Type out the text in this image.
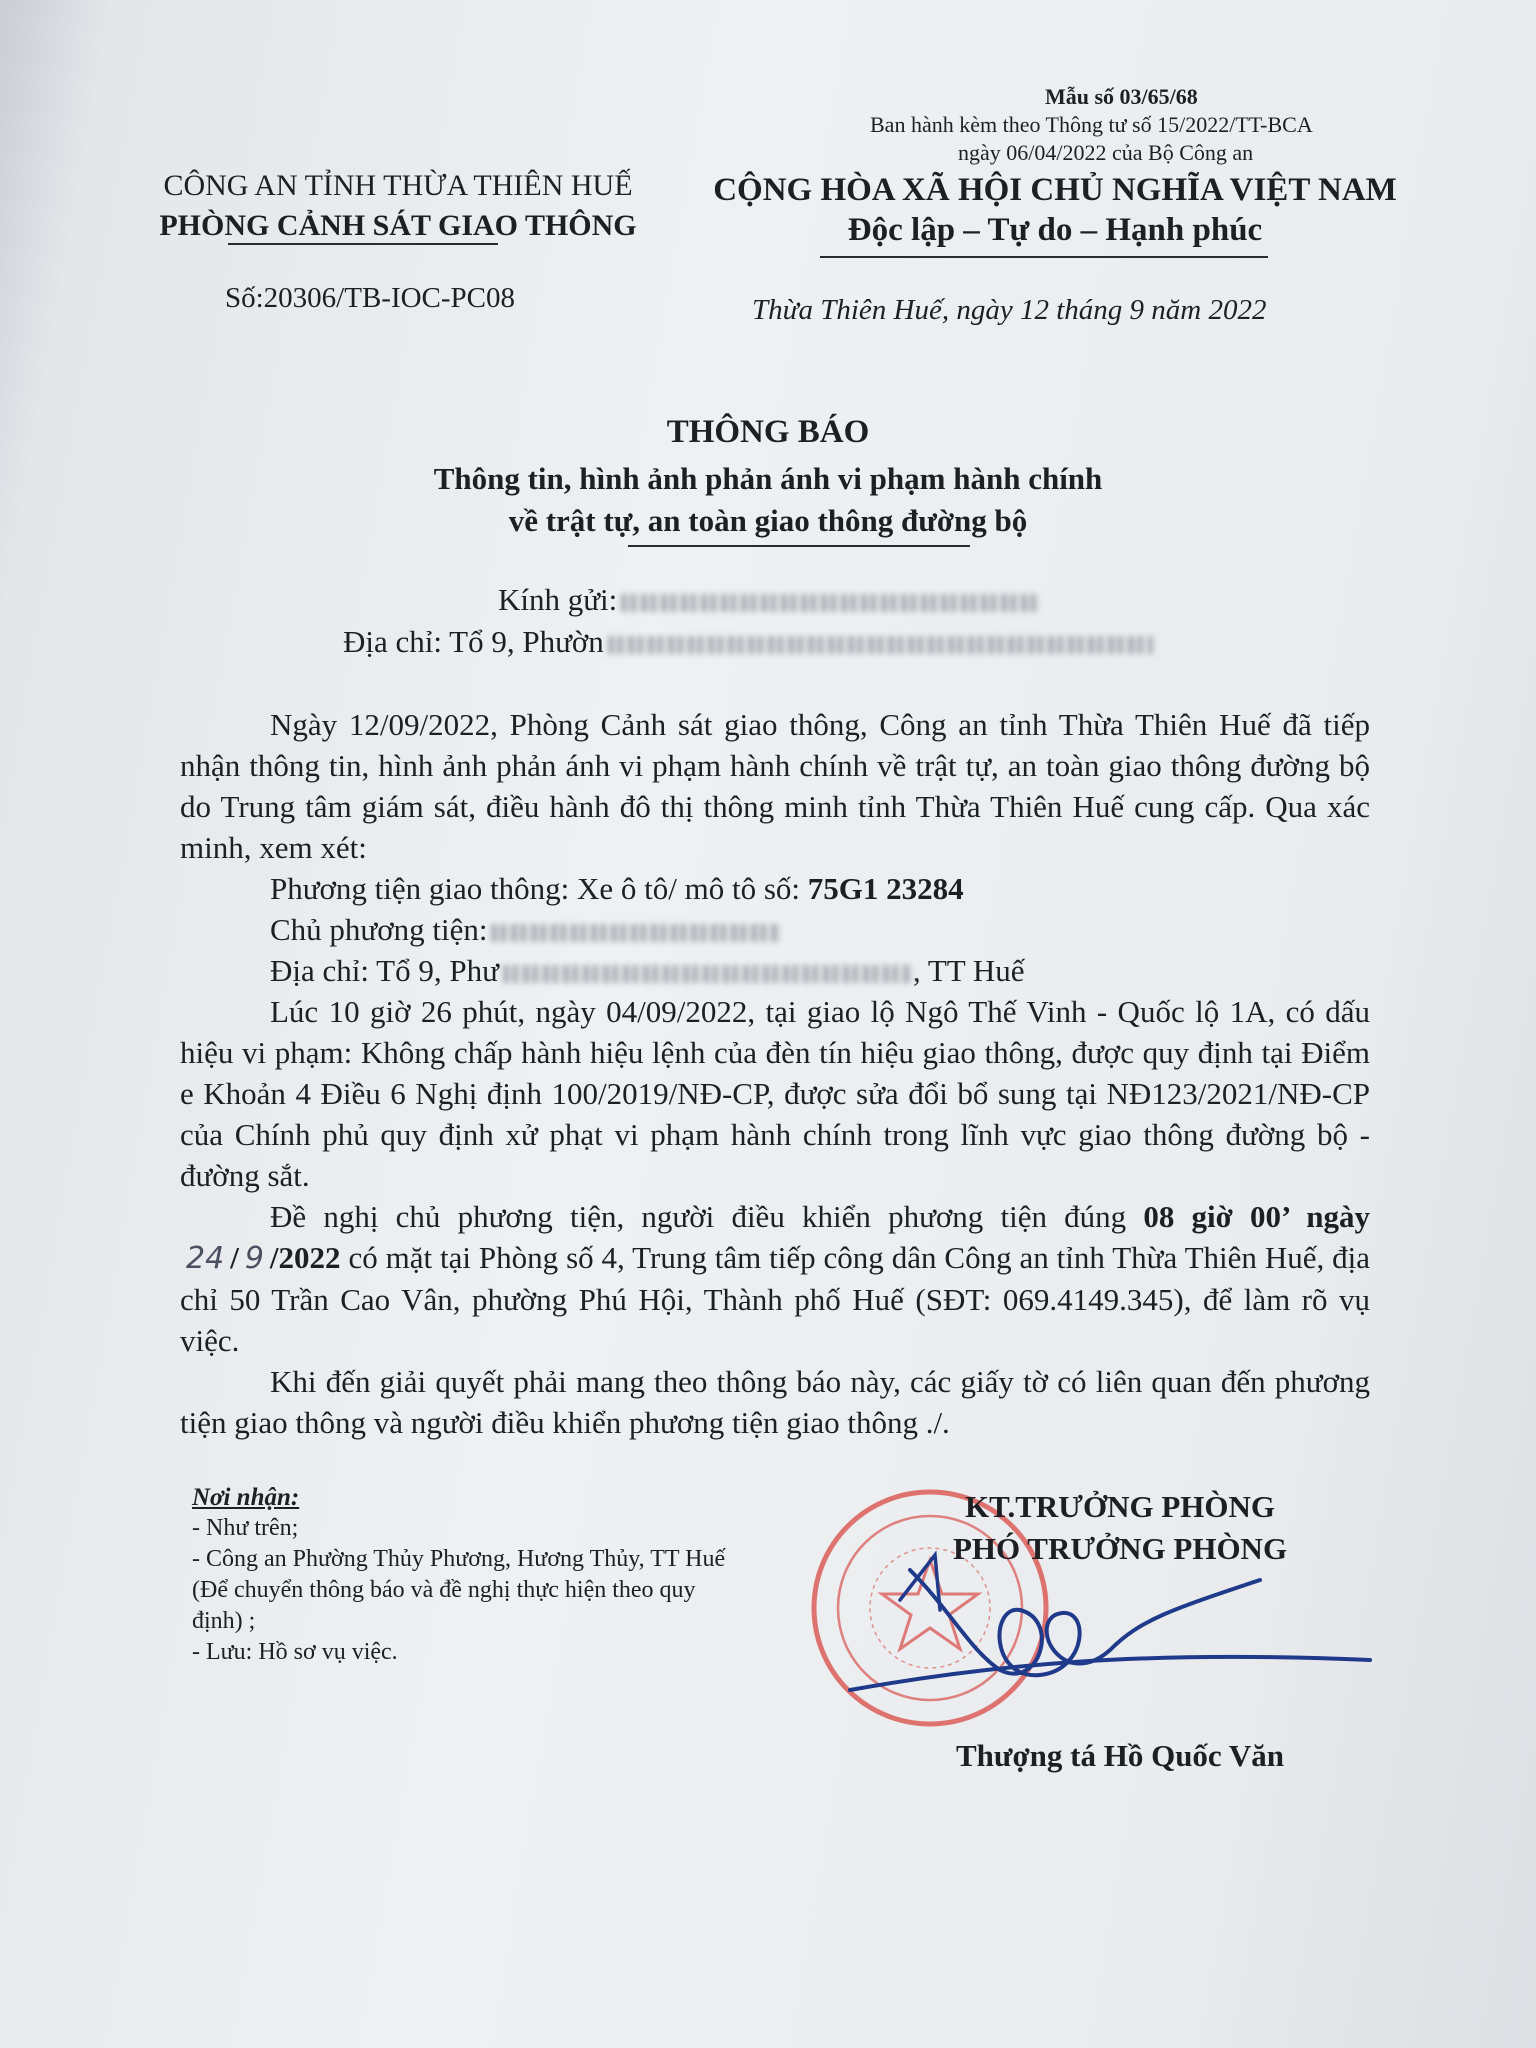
Mẫu số 03/65/68
Ban hành kèm theo Thông tư số 15/2022/TT-BCA
ngày 06/04/2022 của Bộ Công an
CÔNG AN TỈNH THỪA THIÊN HUẾ
PHÒNG CẢNH SÁT GIAO THÔNG
CỘNG HÒA XÃ HỘI CHỦ NGHĨA VIỆT NAM
Độc lập – Tự do – Hạnh phúc
Số:20306/TB-IOC-PC08	Thừa Thiên Huế, ngày 12 tháng 9 năm 2022
THÔNG BÁO
Thông tin, hình ảnh phản ánh vi phạm hành chính
về trật tự, an toàn giao thông đường bộ
Kính gửi:
Địa chỉ: Tổ 9, Phườn

Ngày 12/09/2022, Phòng Cảnh sát giao thông, Công an tỉnh Thừa Thiên Huế đã tiếp nhận thông tin, hình ảnh phản ánh vi phạm hành chính về trật tự, an toàn giao thông đường bộ do Trung tâm giám sát, điều hành đô thị thông minh tỉnh Thừa Thiên Huế cung cấp. Qua xác minh, xem xét:

Phương tiện giao thông: Xe ô tô/ mô tô số: 75G1 23284

Chủ phương tiện:

Địa chỉ: Tổ 9, Phư	, TT Huế

Lúc 10 giờ 26 phút, ngày 04/09/2022, tại giao lộ Ngô Thế Vinh - Quốc lộ 1A, có dấu hiệu vi phạm: Không chấp hành hiệu lệnh của đèn tín hiệu giao thông, được quy định tại Điểm e Khoản 4 Điều 6 Nghị định 100/2019/NĐ-CP, được sửa đổi bổ sung tại NĐ123/2021/NĐ-CP của Chính phủ quy định xử phạt vi phạm hành chính trong lĩnh vực giao thông đường bộ - đường sắt.

Đề nghị chủ phương tiện, người điều khiển phương tiện đúng 08 giờ 00’ ngày 24 / 9 /2022 có mặt tại Phòng số 4, Trung tâm tiếp công dân Công an tỉnh Thừa Thiên Huế, địa chỉ 50 Trần Cao Vân, phường Phú Hội, Thành phố Huế (SĐT: 069.4149.345), để làm rõ vụ việc.

Khi đến giải quyết phải mang theo thông báo này, các giấy tờ có liên quan đến phương tiện giao thông và người điều khiển phương tiện giao thông ./.

Nơi nhận:
- Như trên;
- Công an Phường Thủy Phương, Hương Thủy, TT Huế (Để chuyển thông báo và đề nghị thực hiện theo quy định) ;
- Lưu: Hồ sơ vụ việc.
KT.TRƯỞNG PHÒNG
PHÓ TRƯỞNG PHÒNG
Thượng tá Hồ Quốc Văn
